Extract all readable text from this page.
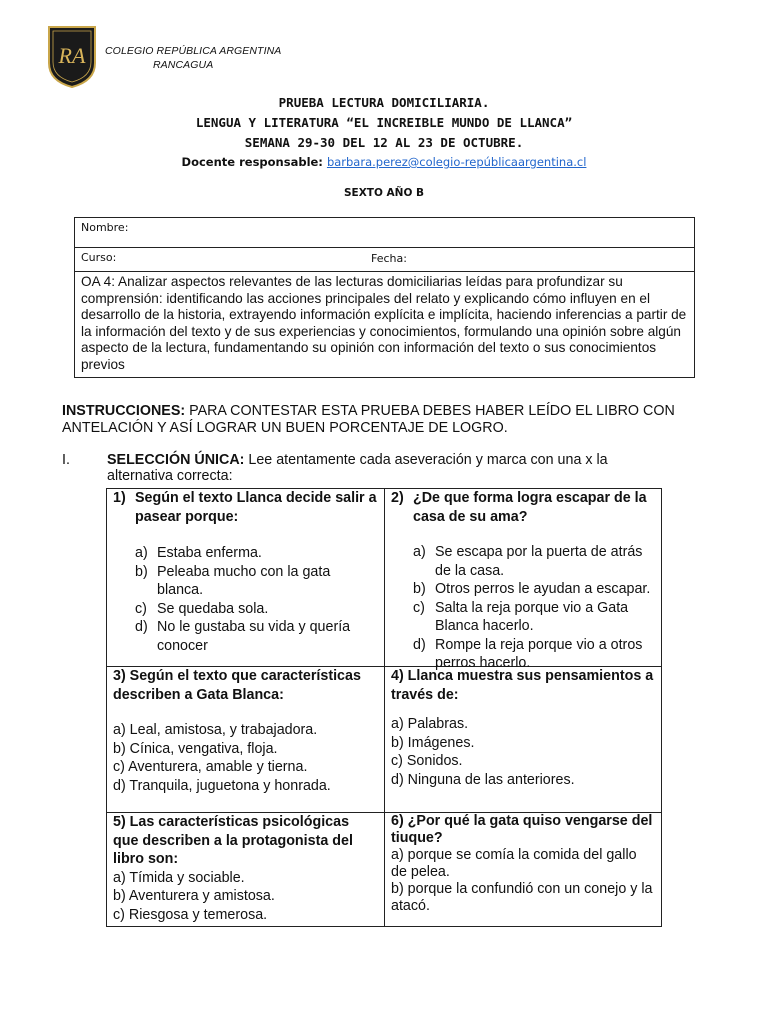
RA COLEGIO REPÚBLICA ARGENTINA
RANCAGUA
PRUEBA LECTURA DOMICILIARIA.
LENGUA Y LITERATURA “EL INCREIBLE MUNDO DE LLANCA”
SEMANA 29-30 DEL 12 AL 23 DE OCTUBRE.
Docente responsable: barbara.perez@colegio-repúblicaargentina.cl
SEXTO AÑO B
Nombre:
Curso:	Fecha:
OA 4: Analizar aspectos relevantes de las lecturas domiciliarias leídas para profundizar su comprensión: identificando las acciones principales del relato y explicando cómo influyen en el desarrollo de la historia, extrayendo información explícita e implícita, haciendo inferencias a partir de la información del texto y de sus experiencias y conocimientos, formulando una opinión sobre algún aspecto de la lectura, fundamentando su opinión con información del texto o sus conocimientos previos
INSTRUCCIONES: PARA CONTESTAR ESTA PRUEBA DEBES HABER LEÍDO EL LIBRO CON ANTELACIÓN Y ASÍ LOGRAR UN BUEN PORCENTAJE DE LOGRO.
I.	SELECCIÓN ÚNICA: Lee atentamente cada aseveración y marca con una x la alternativa correcta:
1) Según el texto Llanca decide salir a pasear porque:
a) Estaba enferma.
b) Peleaba mucho con la gata blanca.
c) Se quedaba sola.
d) No le gustaba su vida y quería conocer
2) ¿De que forma logra escapar de la casa de su ama?
a) Se escapa por la puerta de atrás de la casa.
b) Otros perros le ayudan a escapar.
c) Salta la reja porque vio a Gata Blanca hacerlo.
d) Rompe la reja porque vio a otros perros hacerlo.
3) Según el texto que características describen a Gata Blanca:
a) Leal, amistosa, y trabajadora.
b) Cínica, vengativa, floja.
c) Aventurera, amable y tierna.
d) Tranquila, juguetona y honrada.
4) Llanca muestra sus pensamientos a través de:
a) Palabras.
b) Imágenes.
c) Sonidos.
d) Ninguna de las anteriores.
5) Las características psicológicas que describen a la protagonista del libro son:
a) Tímida y sociable.
b) Aventurera y amistosa.
c) Riesgosa y temerosa.
6) ¿Por qué la gata quiso vengarse del tiuque?
a) porque se comía la comida del gallo de pelea.
b) porque la confundió con un conejo y la atacó.
